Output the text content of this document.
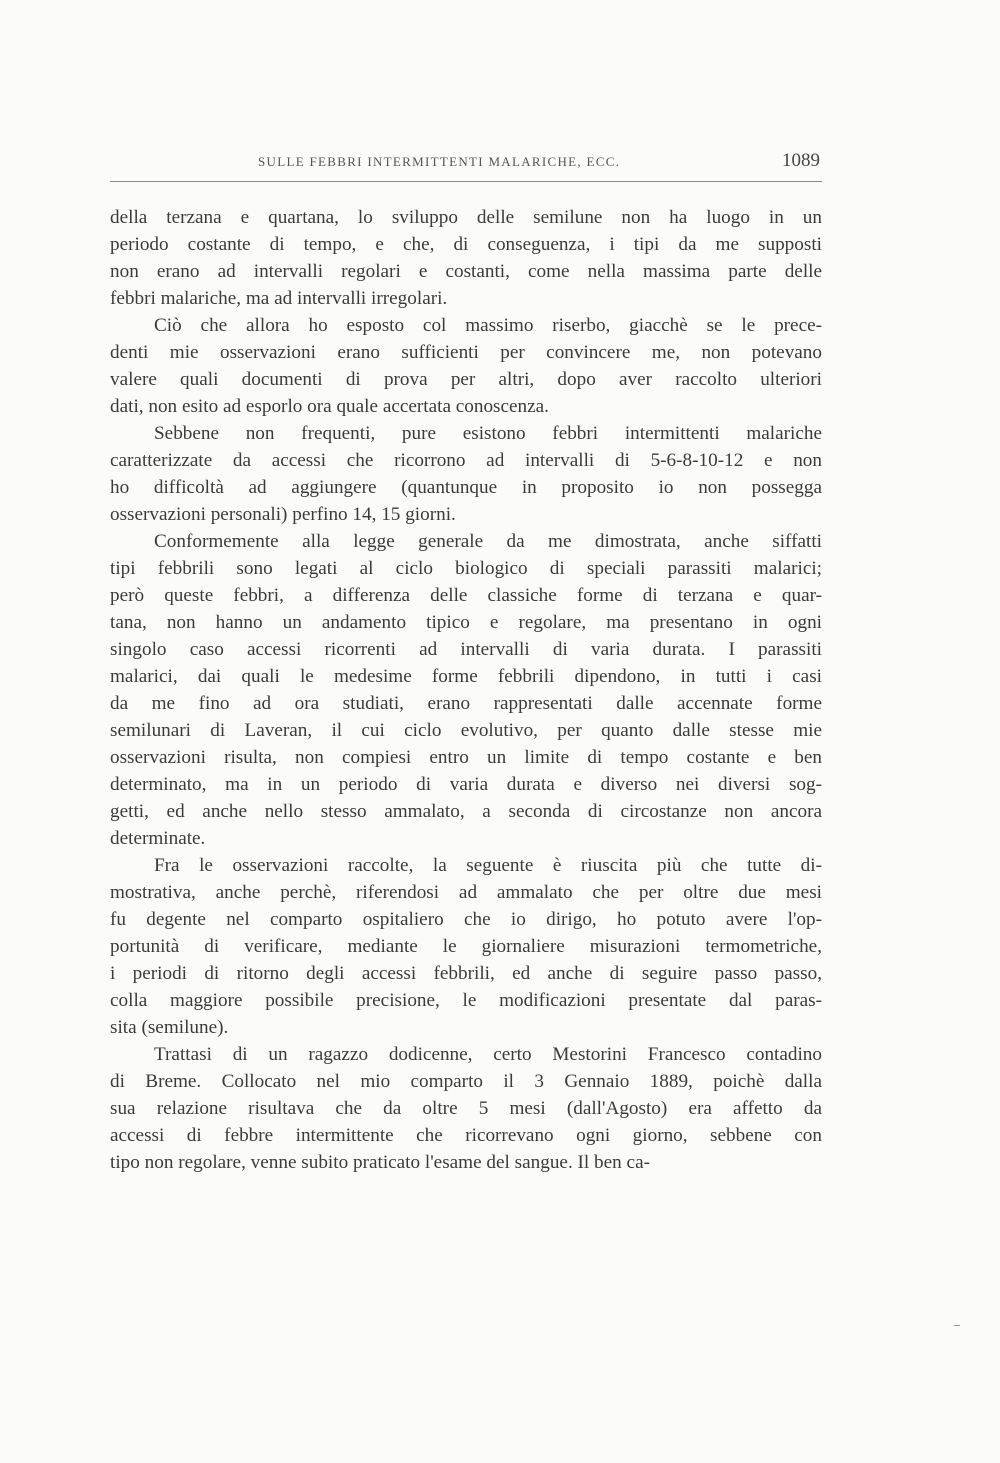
SULLE FEBBRI INTERMITTENTI MALARICHE, ECC.	1089

della terzana e quartana, lo sviluppo delle semilune non ha luogo in un
periodo costante di tempo, e che, di conseguenza, i tipi da me supposti
non erano ad intervalli regolari e costanti, come nella massima parte delle
febbri malariche, ma ad intervalli irregolari.

Ciò che allora ho esposto col massimo riserbo, giacchè se le prece-
denti mie osservazioni erano sufficienti per convincere me, non potevano
valere quali documenti di prova per altri, dopo aver raccolto ulteriori
dati, non esito ad esporlo ora quale accertata conoscenza.

Sebbene non frequenti, pure esistono febbri intermittenti malariche
caratterizzate da accessi che ricorrono ad intervalli di 5-6-8-10-12 e non
ho difficoltà ad aggiungere (quantunque in proposito io non possegga
osservazioni personali) perfino 14, 15 giorni.

Conformemente alla legge generale da me dimostrata, anche siffatti
tipi febbrili sono legati al ciclo biologico di speciali parassiti malarici;
però queste febbri, a differenza delle classiche forme di terzana e quar-
tana, non hanno un andamento tipico e regolare, ma presentano in ogni
singolo caso accessi ricorrenti ad intervalli di varia durata. I parassiti
malarici, dai quali le medesime forme febbrili dipendono, in tutti i casi
da me fino ad ora studiati, erano rappresentati dalle accennate forme
semilunari di Laveran, il cui ciclo evolutivo, per quanto dalle stesse mie
osservazioni risulta, non compiesi entro un limite di tempo costante e ben
determinato, ma in un periodo di varia durata e diverso nei diversi sog-
getti, ed anche nello stesso ammalato, a seconda di circostanze non ancora
determinate.

Fra le osservazioni raccolte, la seguente è riuscita più che tutte di-
mostrativa, anche perchè, riferendosi ad ammalato che per oltre due mesi
fu degente nel comparto ospitaliero che io dirigo, ho potuto avere l'op-
portunità di verificare, mediante le giornaliere misurazioni termometriche,
i periodi di ritorno degli accessi febbrili, ed anche di seguire passo passo,
colla maggiore possibile precisione, le modificazioni presentate dal paras-
sita (semilune).

Trattasi di un ragazzo dodicenne, certo Mestorini Francesco contadino
di Breme. Collocato nel mio comparto il 3 Gennaio 1889, poichè dalla
sua relazione risultava che da oltre 5 mesi (dall'Agosto) era affetto da
accessi di febbre intermittente che ricorrevano ogni giorno, sebbene con
tipo non regolare, venne subito praticato l'esame del sangue. Il ben ca-
